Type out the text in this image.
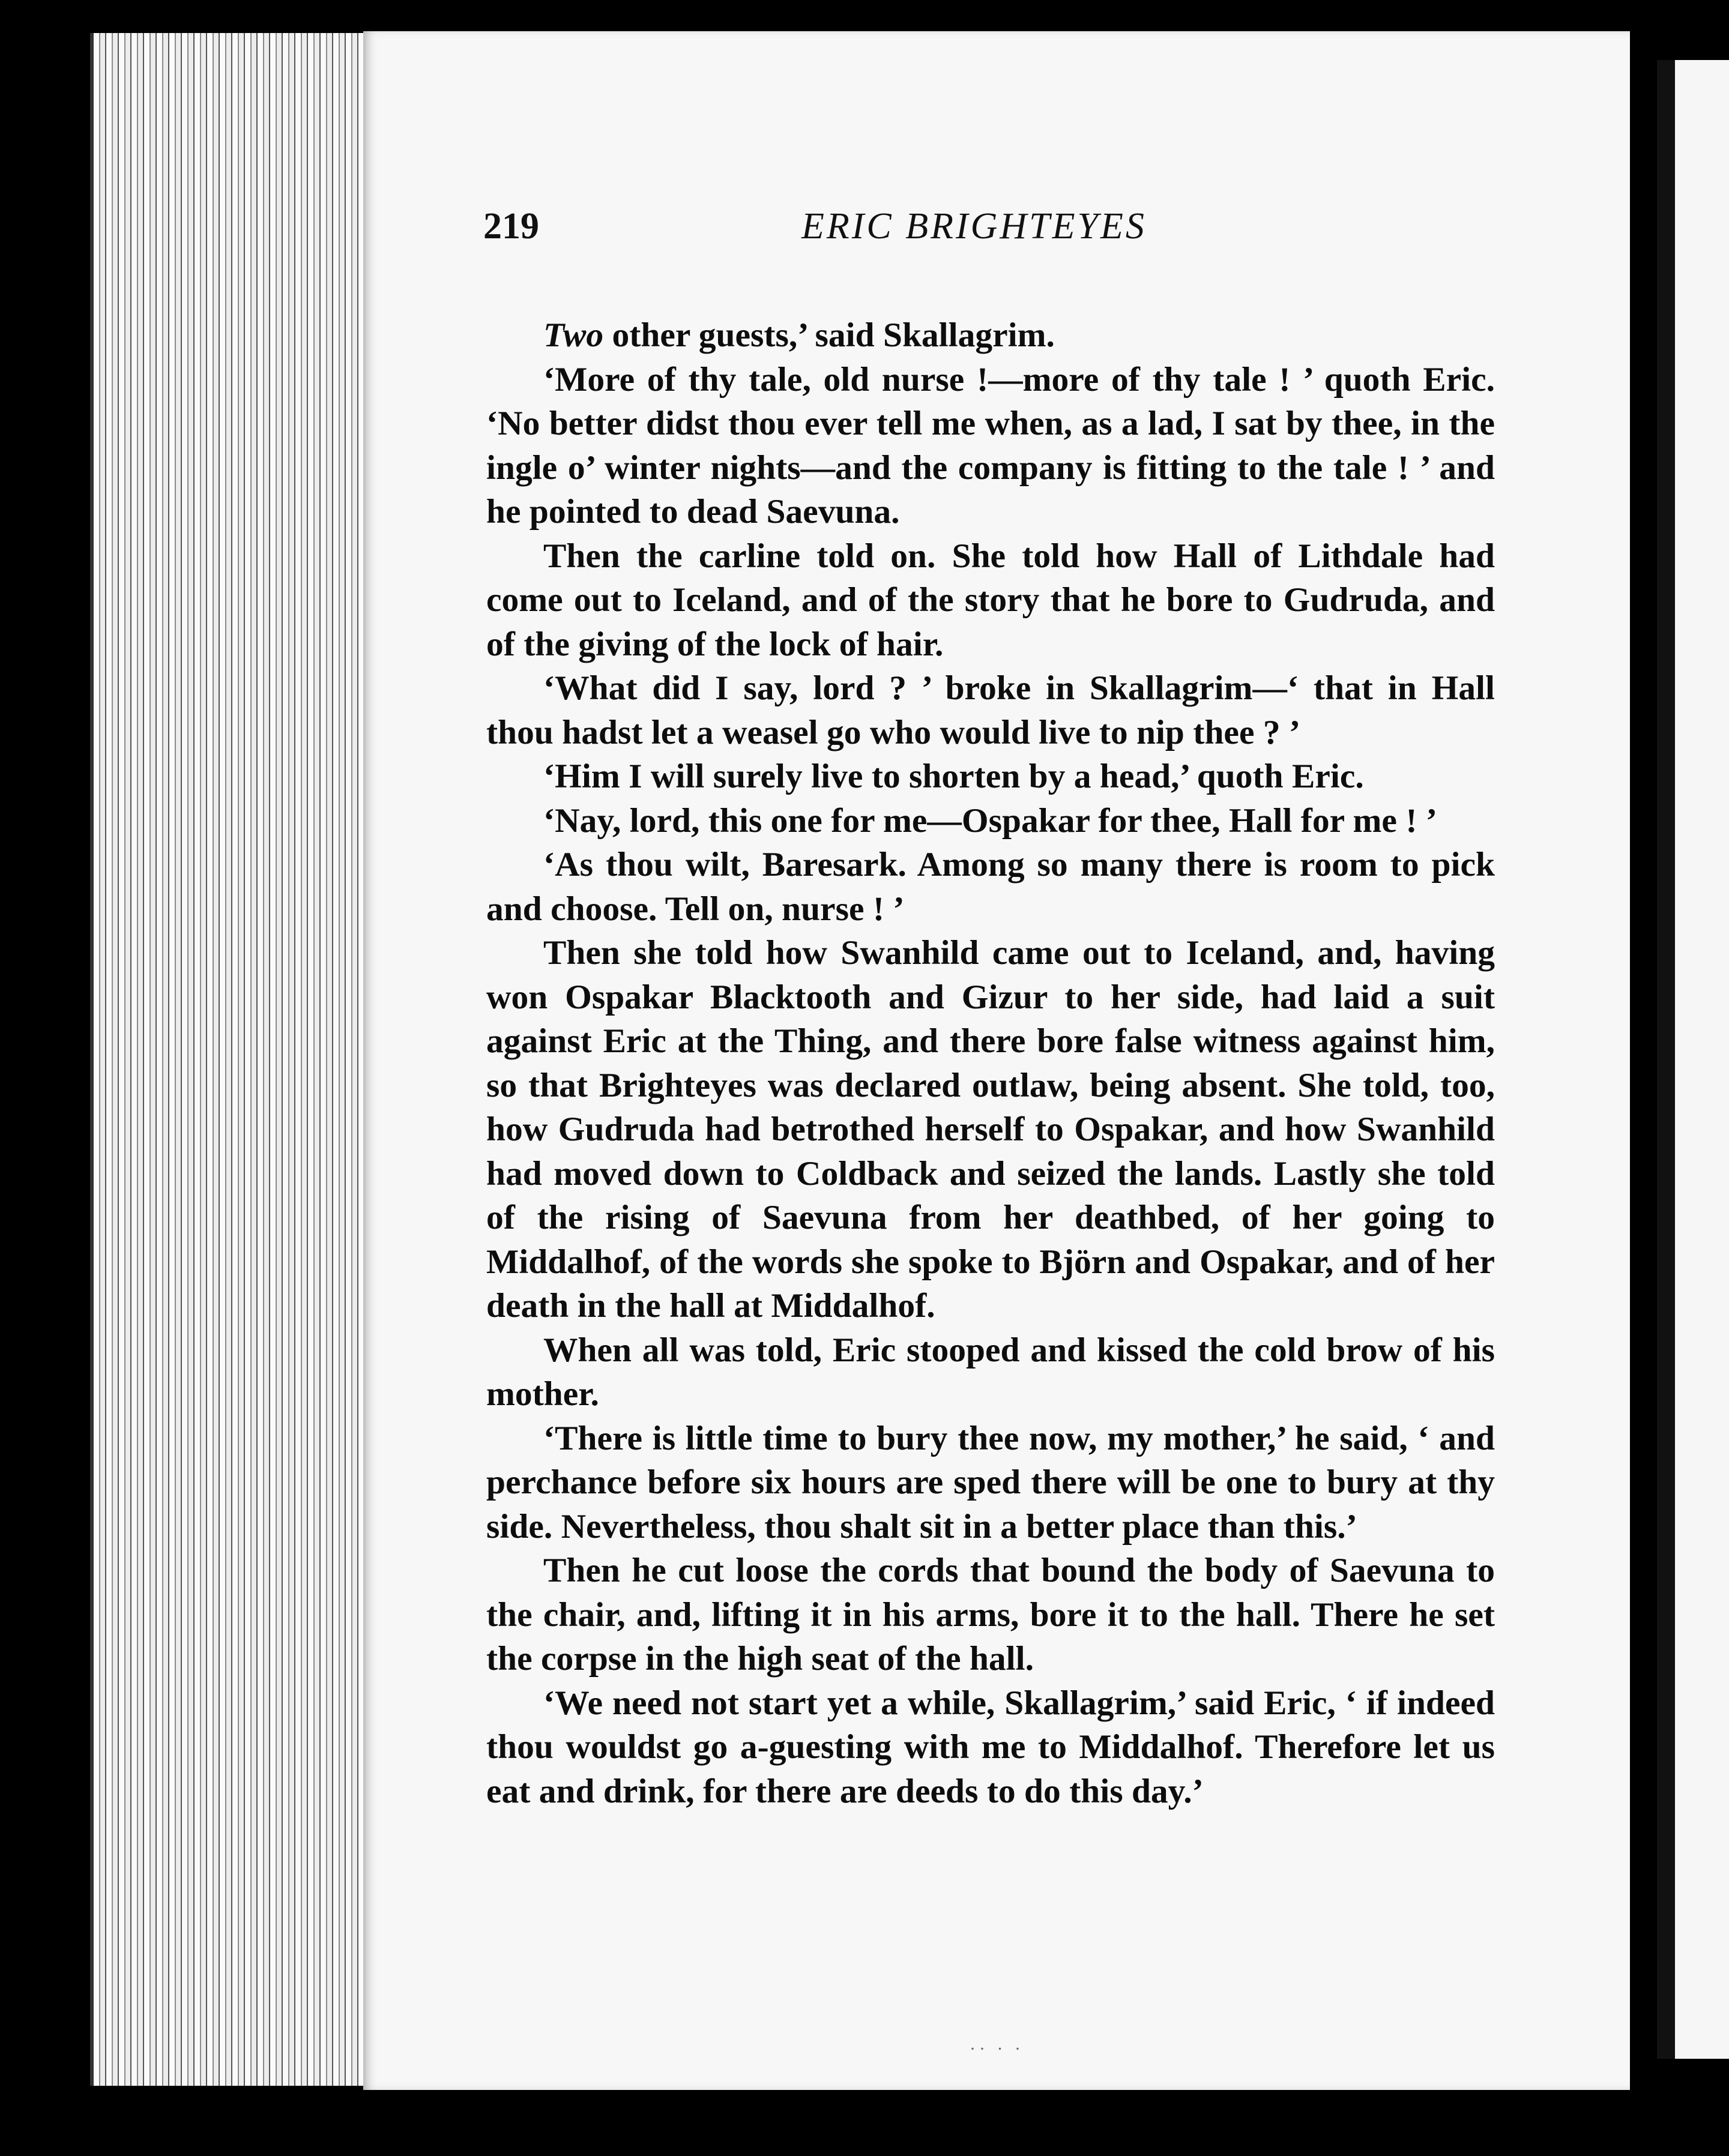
219	ERIC BRIGHTEYES

Two other guests,’ said Skallagrim.

‘More of thy tale, old nurse !—more of thy tale ! ’ quoth Eric. ‘No better didst thou ever tell me when, as a lad, I sat by thee, in the ingle o’ winter nights—and the company is fitting to the tale ! ’ and he pointed to dead Saevuna.

Then the carline told on. She told how Hall of Lithdale had come out to Iceland, and of the story that he bore to Gudruda, and of the giving of the lock of hair.

‘What did I say, lord ? ’ broke in Skallagrim—‘ that in Hall thou hadst let a weasel go who would live to nip thee ? ’

‘Him I will surely live to shorten by a head,’ quoth Eric.

‘Nay, lord, this one for me—Ospakar for thee, Hall for me ! ’

‘As thou wilt, Baresark. Among so many there is room to pick and choose. Tell on, nurse ! ’

Then she told how Swanhild came out to Iceland, and, having won Ospakar Blacktooth and Gizur to her side, had laid a suit against Eric at the Thing, and there bore false witness against him, so that Brighteyes was declared outlaw, being absent. She told, too, how Gudruda had betrothed herself to Ospakar, and how Swanhild had moved down to Coldback and seized the lands. Lastly she told of the rising of Saevuna from her deathbed, of her going to Middalhof, of the words she spoke to Björn and Ospakar, and of her death in the hall at Middalhof.

When all was told, Eric stooped and kissed the cold brow of his mother.

‘There is little time to bury thee now, my mother,’ he said, ‘ and perchance before six hours are sped there will be one to bury at thy side. Nevertheless, thou shalt sit in a better place than this.’

Then he cut loose the cords that bound the body of Saevuna to the chair, and, lifting it in his arms, bore it to the hall. There he set the corpse in the high seat of the hall.

‘We need not start yet a while, Skallagrim,’ said Eric, ‘ if indeed thou wouldst go a-guesting with me to Middalhof. Therefore let us eat and drink, for there are deeds to do this day.’

·· · ·
